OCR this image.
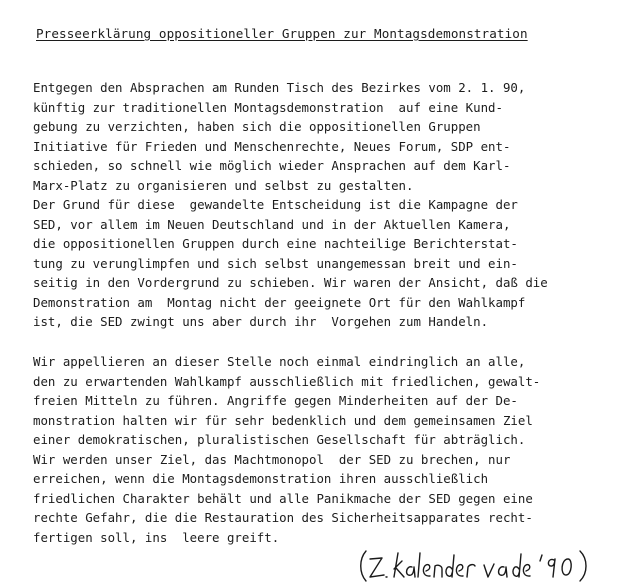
Presseerklärung oppositioneller Gruppen zur Montagsdemonstration
Entgegen den Absprachen am Runden Tisch des Bezirkes vom 2. 1. 90,
künftig zur traditionellen Montagsdemonstration  auf eine Kund-
gebung zu verzichten, haben sich die oppositionellen Gruppen
Initiative für Frieden und Menschenrechte, Neues Forum, SDP ent-
schieden, so schnell wie möglich wieder Ansprachen auf dem Karl-
Marx-Platz zu organisieren und selbst zu gestalten.
Der Grund für diese  gewandelte Entscheidung ist die Kampagne der
SED, vor allem im Neuen Deutschland und in der Aktuellen Kamera,
die oppositionellen Gruppen durch eine nachteilige Berichterstat-
tung zu verunglimpfen und sich selbst unangemessan breit und ein-
seitig in den Vordergrund zu schieben. Wir waren der Ansicht, daß die
Demonstration am  Montag nicht der geeignete Ort für den Wahlkampf
ist, die SED zwingt uns aber durch ihr  Vorgehen zum Handeln.
Wir appellieren an dieser Stelle noch einmal eindringlich an alle,
den zu erwartenden Wahlkampf ausschließlich mit friedlichen, gewalt-
freien Mitteln zu führen. Angriffe gegen Minderheiten auf der De-
monstration halten wir für sehr bedenklich und dem gemeinsamen Ziel
einer demokratischen, pluralistischen Gesellschaft für abträglich.
Wir werden unser Ziel, das Machtmonopol  der SED zu brechen, nur
erreichen, wenn die Montagsdemonstration ihren ausschließlich
friedlichen Charakter behält und alle Panikmache der SED gegen eine
rechte Gefahr, die die Restauration des Sicherheitsapparates recht-
fertigen soll, ins  leere greift.
